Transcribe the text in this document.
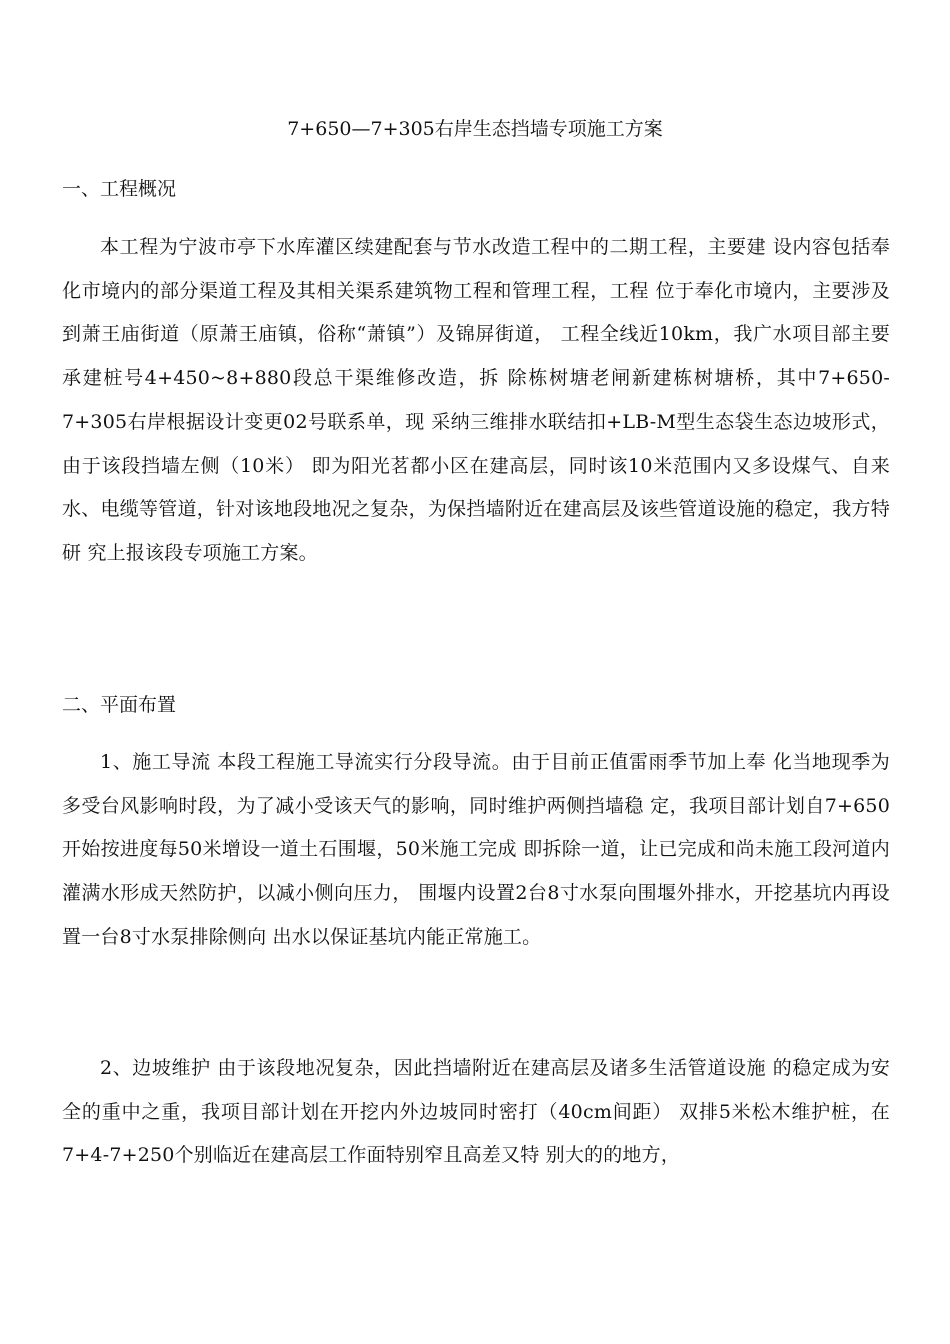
7+650—7+305右岸生态挡墙专项施工方案
一、工程概况

本工程为宁波市亭下水库灌区续建配套与节水改造工程中的二期工程，主要建 设内容包括奉化市境内的部分渠道工程及其相关渠系建筑物工程和管理工程，工程 位于奉化市境内，主要涉及到萧王庙街道（原萧王庙镇，俗称“萧镇”）及锦屏街道， 工程全线近10km，我广水项目部主要承建桩号4+450~8+880段总干渠维修改造，拆 除栋树塘老闸新建栋树塘桥，其中7+650-7+305右岸根据设计变更02号联系单，现 采纳三维排水联结扣+LB-M型生态袋生态边坡形式，由于该段挡墙左侧（10米） 即为阳光茗都小区在建高层，同时该10米范围内又多设煤气、自来水、电缆等管道，针对该地段地况之复杂，为保挡墙附近在建高层及该些管道设施的稳定，我方特研 究上报该段专项施工方案。

二、平面布置

1、施工导流 本段工程施工导流实行分段导流。由于目前正值雷雨季节加上奉 化当地现季为多受台风影响时段，为了减小受该天气的影响，同时维护两侧挡墙稳 定，我项目部计划自7+650开始按进度每50米增设一道土石围堰，50米施工完成 即拆除一道，让已完成和尚未施工段河道内灌满水形成天然防护，以减小侧向压力， 围堰内设置2台8寸水泵向围堰外排水，开挖基坑内再设置一台8寸水泵排除侧向 出水以保证基坑内能正常施工。

2、边坡维护 由于该段地况复杂，因此挡墙附近在建高层及诸多生活管道设施 的稳定成为安全的重中之重，我项目部计划在开挖内外边坡同时密打（40cm间距） 双排5米松木维护桩，在7+4-7+250个别临近在建高层工作面特别窄且高差又特 别大的的地方，
